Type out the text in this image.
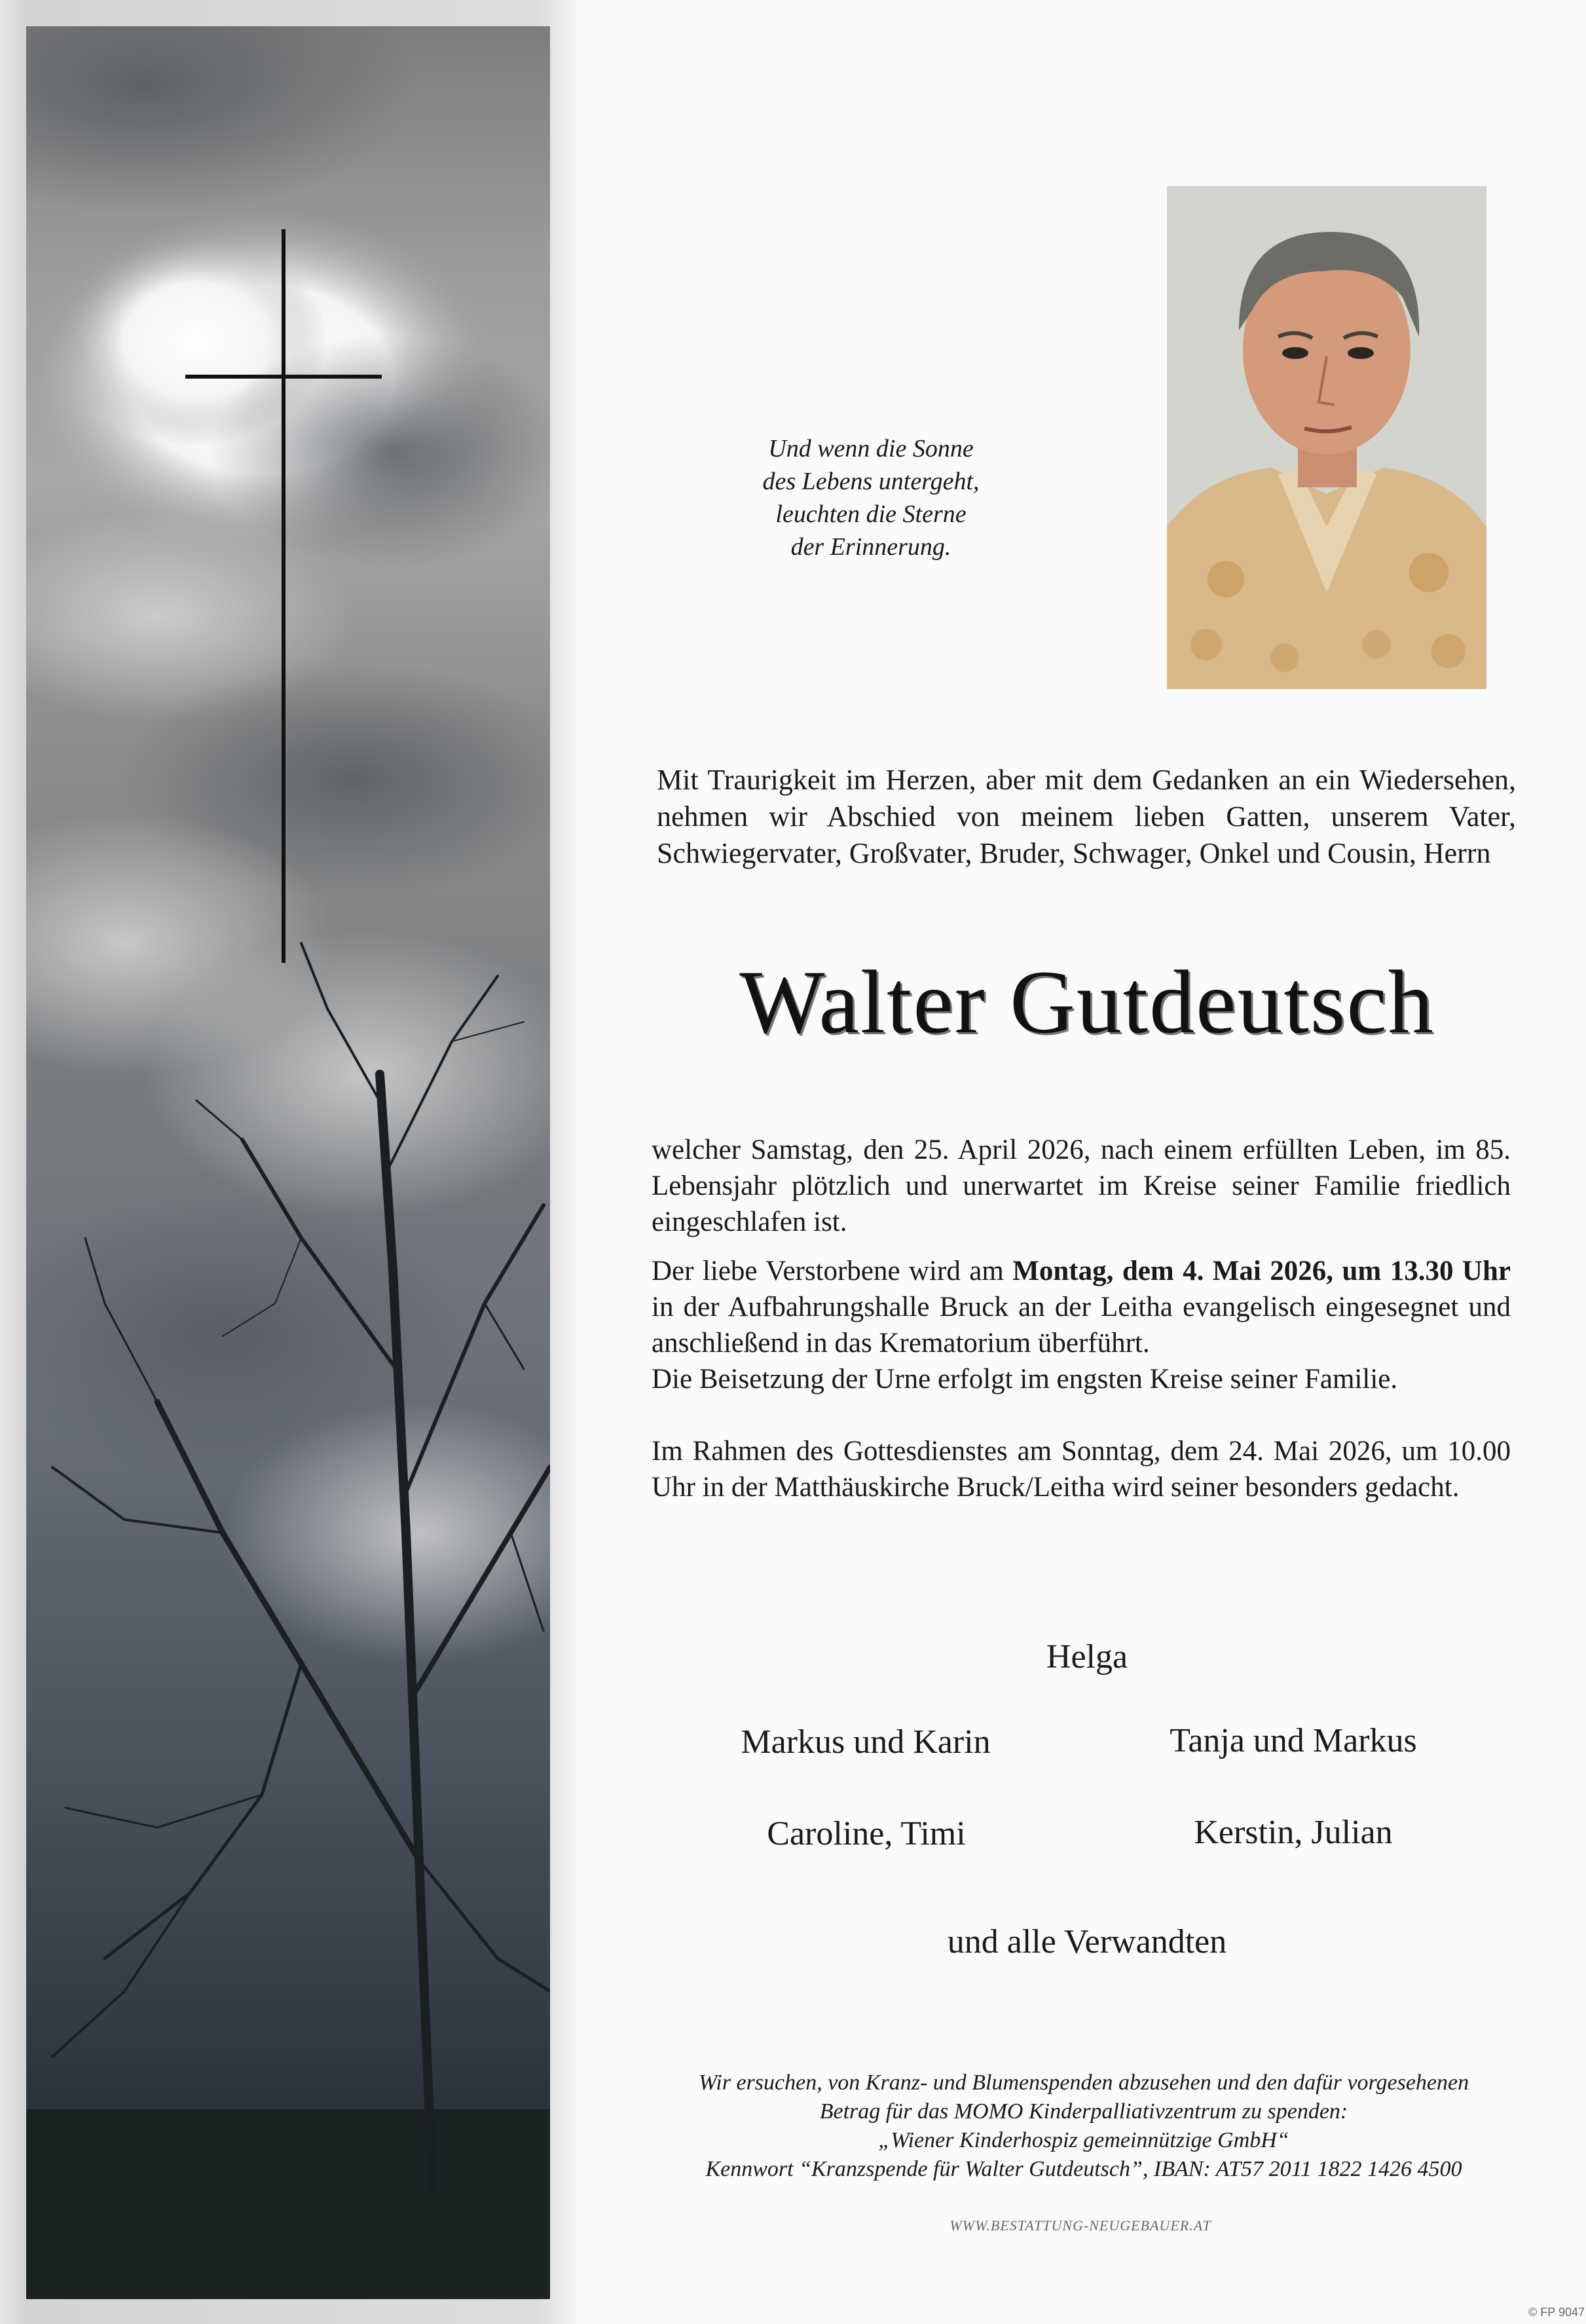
Und wenn die Sonne
des Lebens untergeht,
leuchten die Sterne
der Erinnerung.
Mit Traurigkeit im Herzen, aber mit dem Gedanken an ein Wiedersehen, nehmen wir Abschied von meinem lieben Gatten, unserem Vater, Schwiegervater, Großvater, Bruder, Schwager, Onkel und Cousin, Herrn
Walter Gutdeutsch

welcher Samstag, den 25. April 2026, nach einem erfüllten Leben, im 85. Lebensjahr plötzlich und unerwartet im Kreise seiner Familie friedlich eingeschlafen ist.

Der liebe Verstorbene wird am Montag, dem 4. Mai 2026, um 13.30 Uhr in der Aufbahrungshalle Bruck an der Leitha evangelisch eingesegnet und anschließend in das Krematorium überführt.

Die Beisetzung der Urne erfolgt im engsten Kreise seiner Familie.

Im Rahmen des Gottesdienstes am Sonntag, dem 24. Mai 2026, um 10.00 Uhr in der Matthäuskirche Bruck/Leitha wird seiner besonders gedacht.

Helga
Markus und Karin	Tanja und Markus
Caroline, Timi	Kerstin, Julian
und alle Verwandten
Wir ersuchen, von Kranz- und Blumenspenden abzusehen und den dafür vorgesehenen
Betrag für das MOMO Kinderpalliativzentrum zu spenden:
„Wiener Kinderhospiz gemeinnützige GmbH“
Kennwort “Kranzspende für Walter Gutdeutsch”, IBAN: AT57 2011 1822 1426 4500
WWW.BESTATTUNG-NEUGEBAUER.AT
© FP 9047
